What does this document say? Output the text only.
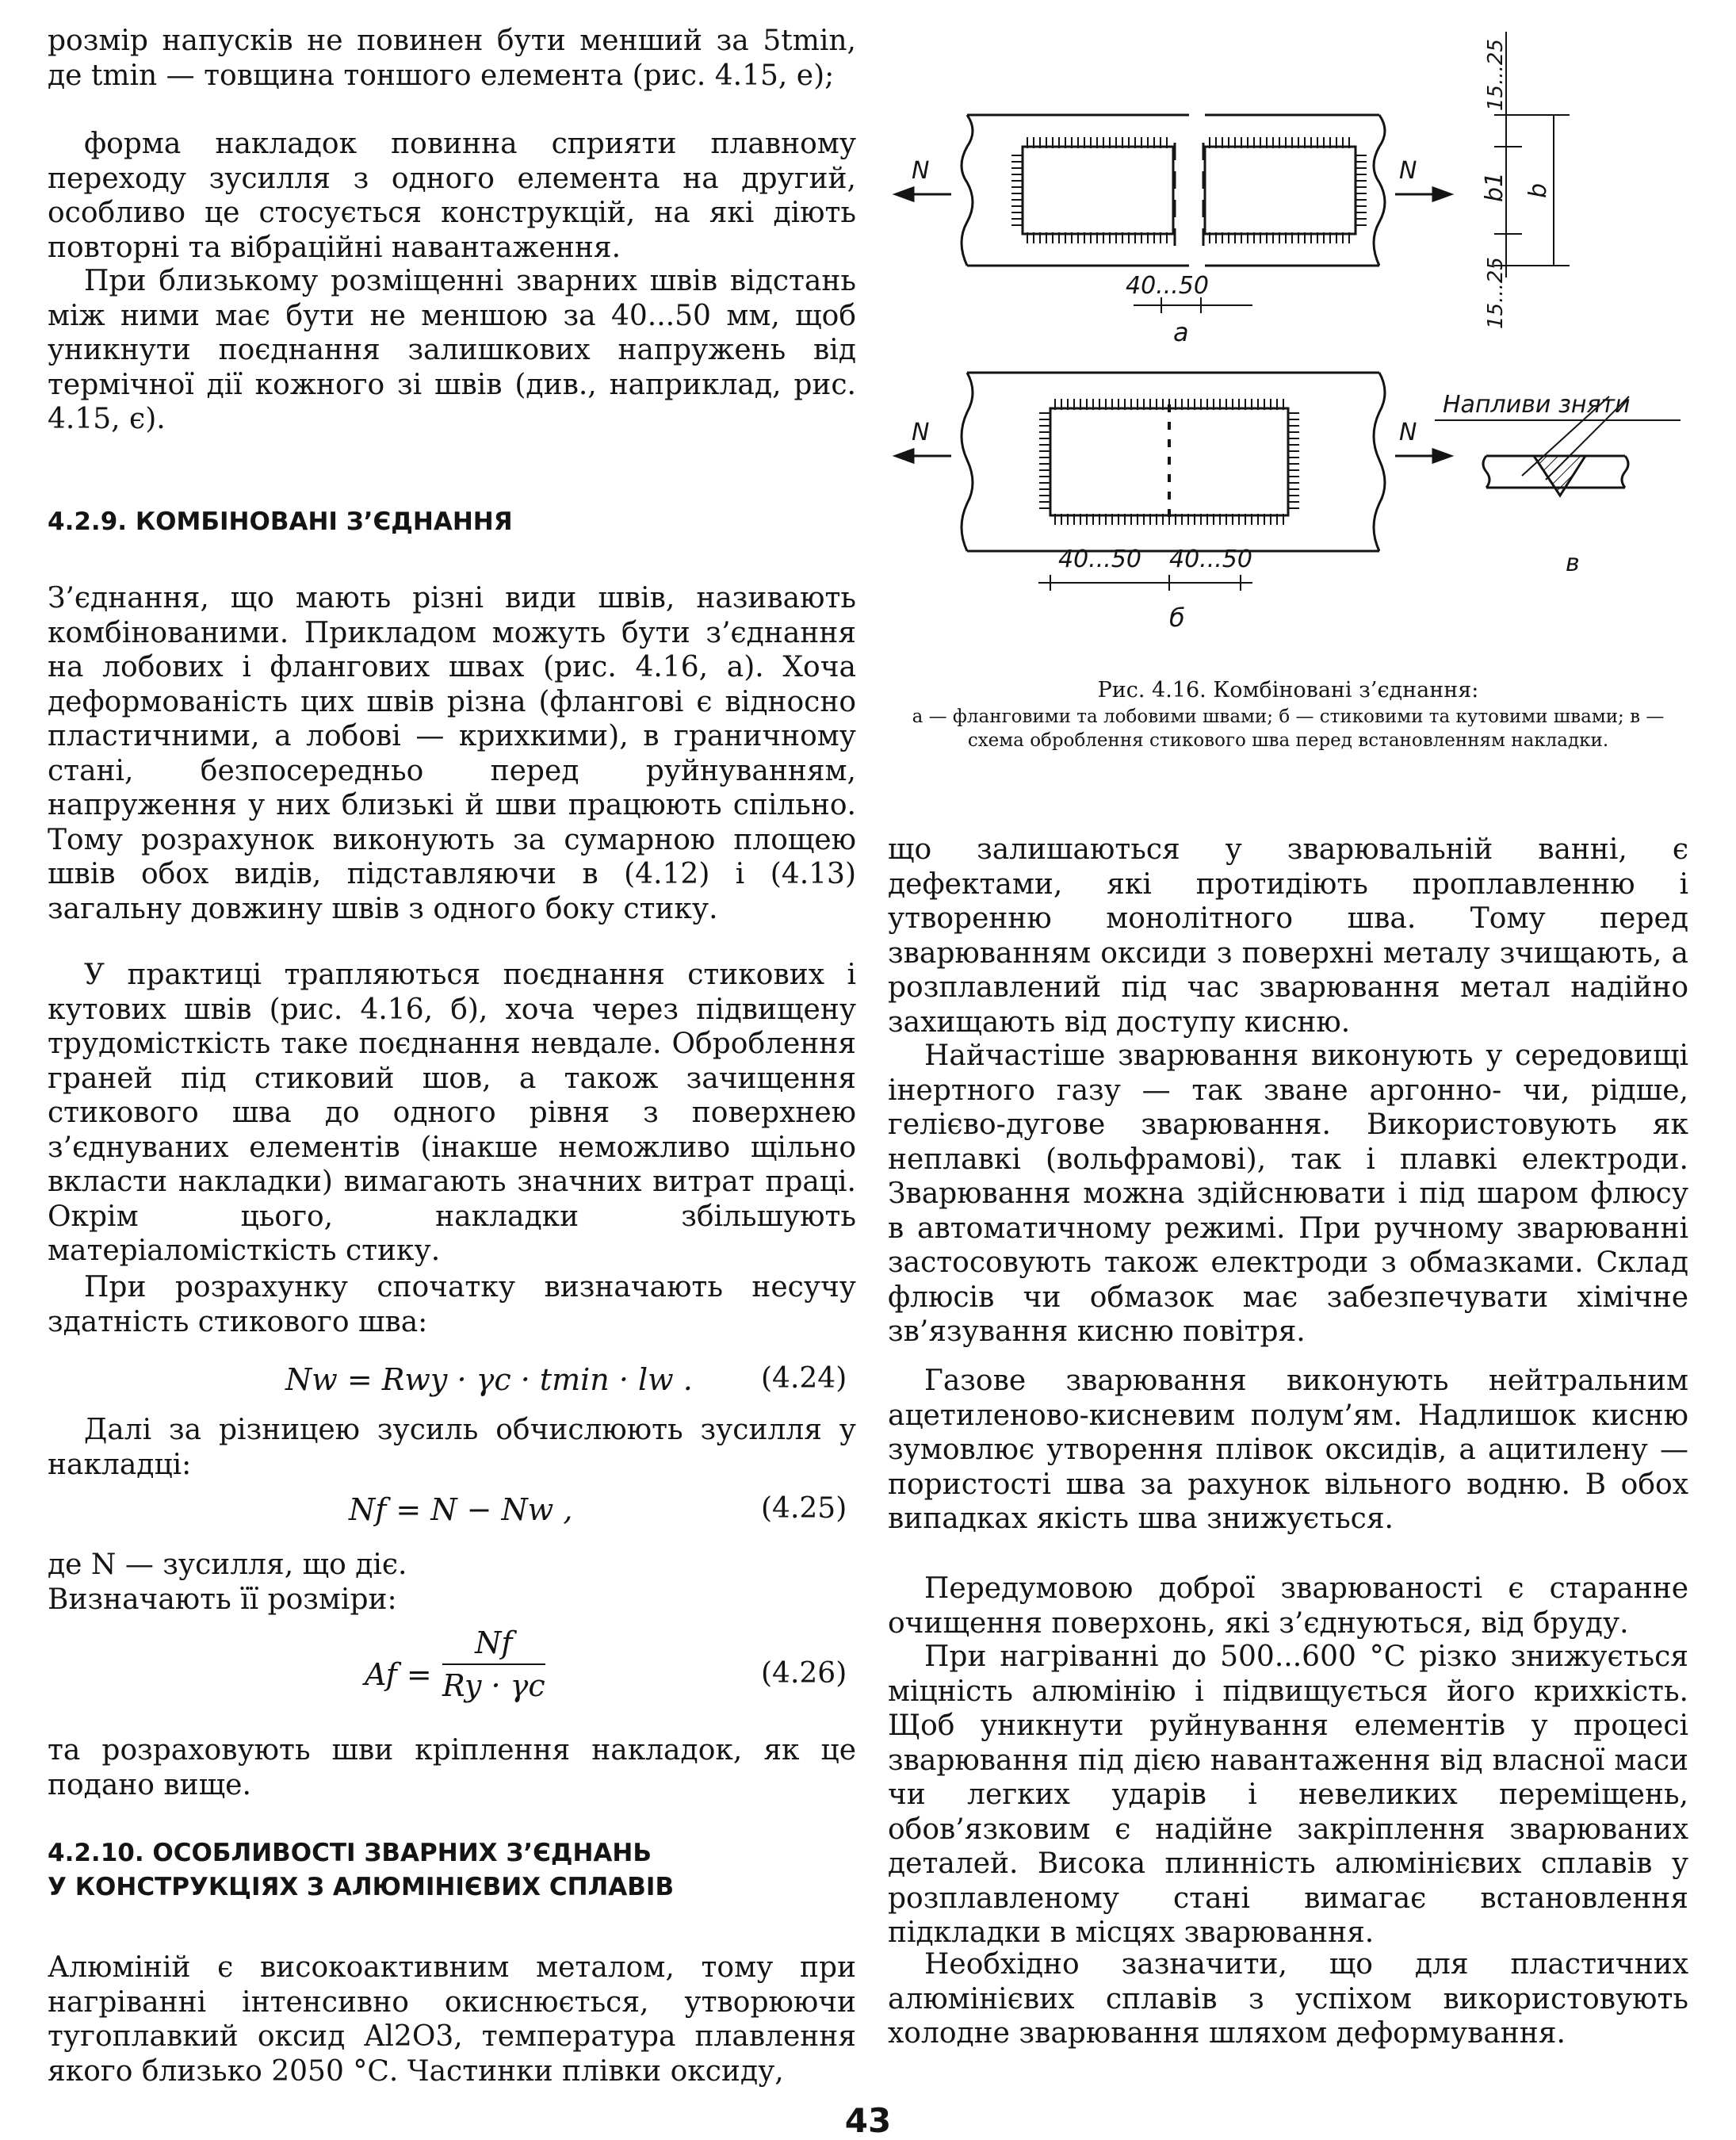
розмір напусків не повинен бути менший за 5tmin, де tmin — товщина тоншого елемента (рис. 4.15, е);

форма накладок повинна сприяти плавному переходу зусилля з одного елемента на другий, особливо це стосується конструкцій, на які діють повторні та вібраційні навантаження.

При близькому розміщенні зварних швів відстань між ними має бути не меншою за 40...50 мм, щоб уникнути поєднання залишкових напружень від термічної дії кожного зі швів (див., наприклад, рис. 4.15, є).

4.2.9. КОМБІНОВАНІ З’ЄДНАННЯ

З’єднання, що мають різні види швів, називають комбінованими. Прикладом можуть бути з’єднання на лобових і флангових швах (рис. 4.16, а). Хоча деформованість цих швів різна (флангові є відносно пластичними, а лобові — крихкими), в граничному стані, безпосередньо перед руйнуванням, напруження у них близькі й шви працюють спільно. Тому розрахунок виконують за сумарною площею швів обох видів, підставляючи в (4.12) і (4.13) загальну довжину швів з одного боку стику.

У практиці трапляються поєднання стикових і кутових швів (рис. 4.16, б), хоча через підвищену трудомісткість таке поєднання невдале. Оброблення граней під стиковий шов, а також зачищення стикового шва до одного рівня з поверхнею з’єднуваних елементів (інакше неможливо щільно вкласти накладки) вимагають значних витрат праці. Окрім цього, накладки збільшують матеріаломісткість стику.

При розрахунку спочатку визначають несучу здатність стикового шва:

Nw = Rwy · γc · tmin · lw . (4.24)

Далі за різницею зусиль обчислюють зусилля у накладці:

Nf = N − Nw ,	(4.25)

де N — зусилля, що діє.

Визначають її розміри:

$Af = \frac{Nf}{Ry \cdot \gamma c}$	(4.26)

та розраховують шви кріплення накладок, як це подано вище.

4.2.10. ОСОБЛИВОСТІ ЗВАРНИХ З’ЄДНАНЬ
У КОНСТРУКЦІЯХ З АЛЮМІНІЄВИХ СПЛАВІВ

Алюміній є високоактивним металом, тому при нагріванні інтенсивно окиснюється, утворюючи тугоплавкий оксид Al2O3, температура плавлення якого близько 2050 °С. Частинки плівки оксиду,

N	N
40...50
а
15...25
15...25
b1 b
N	N
40...50 40...50
б
Напливи зняти
в
Рис. 4.16. Комбіновані з’єднання:
а — фланговими та лобовими швами; б — стиковими та кутовими швами; в — схема оброблення стикового шва перед встановленням накладки.

що залишаються у зварювальній ванні, є дефектами, які протидіють проплавленню і утворенню монолітного шва. Тому перед зварюванням оксиди з поверхні металу зчищають, а розплавлений під час зварювання метал надійно захищають від доступу кисню.

Найчастіше зварювання виконують у середовищі інертного газу — так зване аргонно- чи, рідше, гелієво-дугове зварювання. Використовують як неплавкі (вольфрамові), так і плавкі електроди. Зварювання можна здійснювати і під шаром флюсу в автоматичному режимі. При ручному зварюванні застосовують також електроди з обмазками. Склад флюсів чи обмазок має забезпечувати хімічне зв’язування кисню повітря.

Газове зварювання виконують нейтральним ацетиленово-кисневим полум’ям. Надлишок кисню зумовлює утворення плівок оксидів, а ацитилену — пористості шва за рахунок вільного водню. В обох випадках якість шва знижується.

Передумовою доброї зварюваності є старанне очищення поверхонь, які з’єднуються, від бруду.

При нагріванні до 500...600 °С різко знижується міцність алюмінію і підвищується його крихкість. Щоб уникнути руйнування елементів у процесі зварювання під дією навантаження від власної маси чи легких ударів і невеликих переміщень, обов’язковим є надійне закріплення зварюваних деталей. Висока плинність алюмінієвих сплавів у розплавленому стані вимагає встановлення підкладки в місцях зварювання.

Необхідно зазначити, що для пластичних алюмінієвих сплавів з успіхом використовують холодне зварювання шляхом деформування.

43
